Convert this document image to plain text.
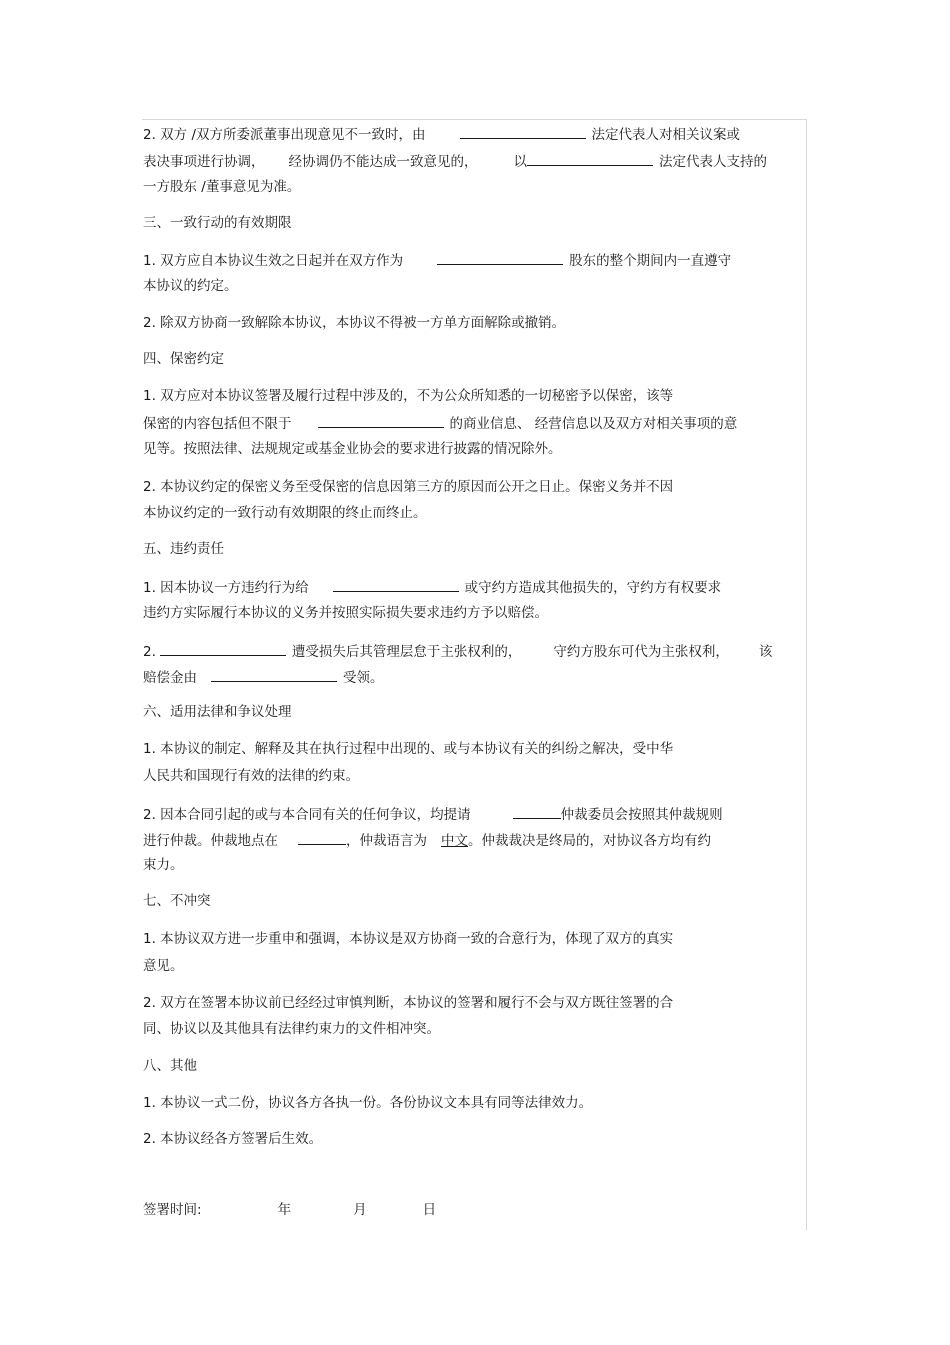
2. 双方 /双方所委派董事出现意见不一致时，由	法定代表人对相关议案或
表决事项进行协调， 经协调仍不能达成一致意见的，	以	法定代表人支持的
一方股东 /董事意见为准。
三、一致行动的有效期限
1. 双方应自本协议生效之日起并在双方作为	股东的整个期间内一直遵守
本协议的约定。
2. 除双方协商一致解除本协议，本协议不得被一方单方面解除或撤销。
四、保密约定
1. 双方应对本协议签署及履行过程中涉及的，不为公众所知悉的一切秘密予以保密，该等
保密的内容包括但不限于	的商业信息、 经营信息以及双方对相关事项的意
见等。按照法律、法规规定或基金业协会的要求进行披露的情况除外。
2. 本协议约定的保密义务至受保密的信息因第三方的原因而公开之日止。保密义务并不因
本协议约定的一致行动有效期限的终止而终止。
五、违约责任
1. 因本协议一方违约行为给	或守约方造成其他损失的，守约方有权要求
违约方实际履行本协议的义务并按照实际损失要求违约方予以赔偿。
2.	遭受损失后其管理层怠于主张权利的， 守约方股东可代为主张权利， 该
赔偿金由	受领。
六、适用法律和争议处理
1. 本协议的制定、解释及其在执行过程中出现的、或与本协议有关的纠纷之解决，受中华
人民共和国现行有效的法律的约束。
2. 因本合同引起的或与本合同有关的任何争议，均提请	仲裁委员会按照其仲裁规则
进行仲裁。仲裁地点在	，仲裁语言为 中文。仲裁裁决是终局的，对协议各方均有约
束力。
七、不冲突
1. 本协议双方进一步重申和强调，本协议是双方协商一致的合意行为，体现了双方的真实
意见。
2. 双方在签署本协议前已经经过审慎判断，本协议的签署和履行不会与双方既往签署的合
同、协议以及其他具有法律约束力的文件相冲突。
八、其他
1. 本协议一式二份，协议各方各执一份。各份协议文本具有同等法律效力。
2. 本协议经各方签署后生效。
签署时间:	年	月	日
